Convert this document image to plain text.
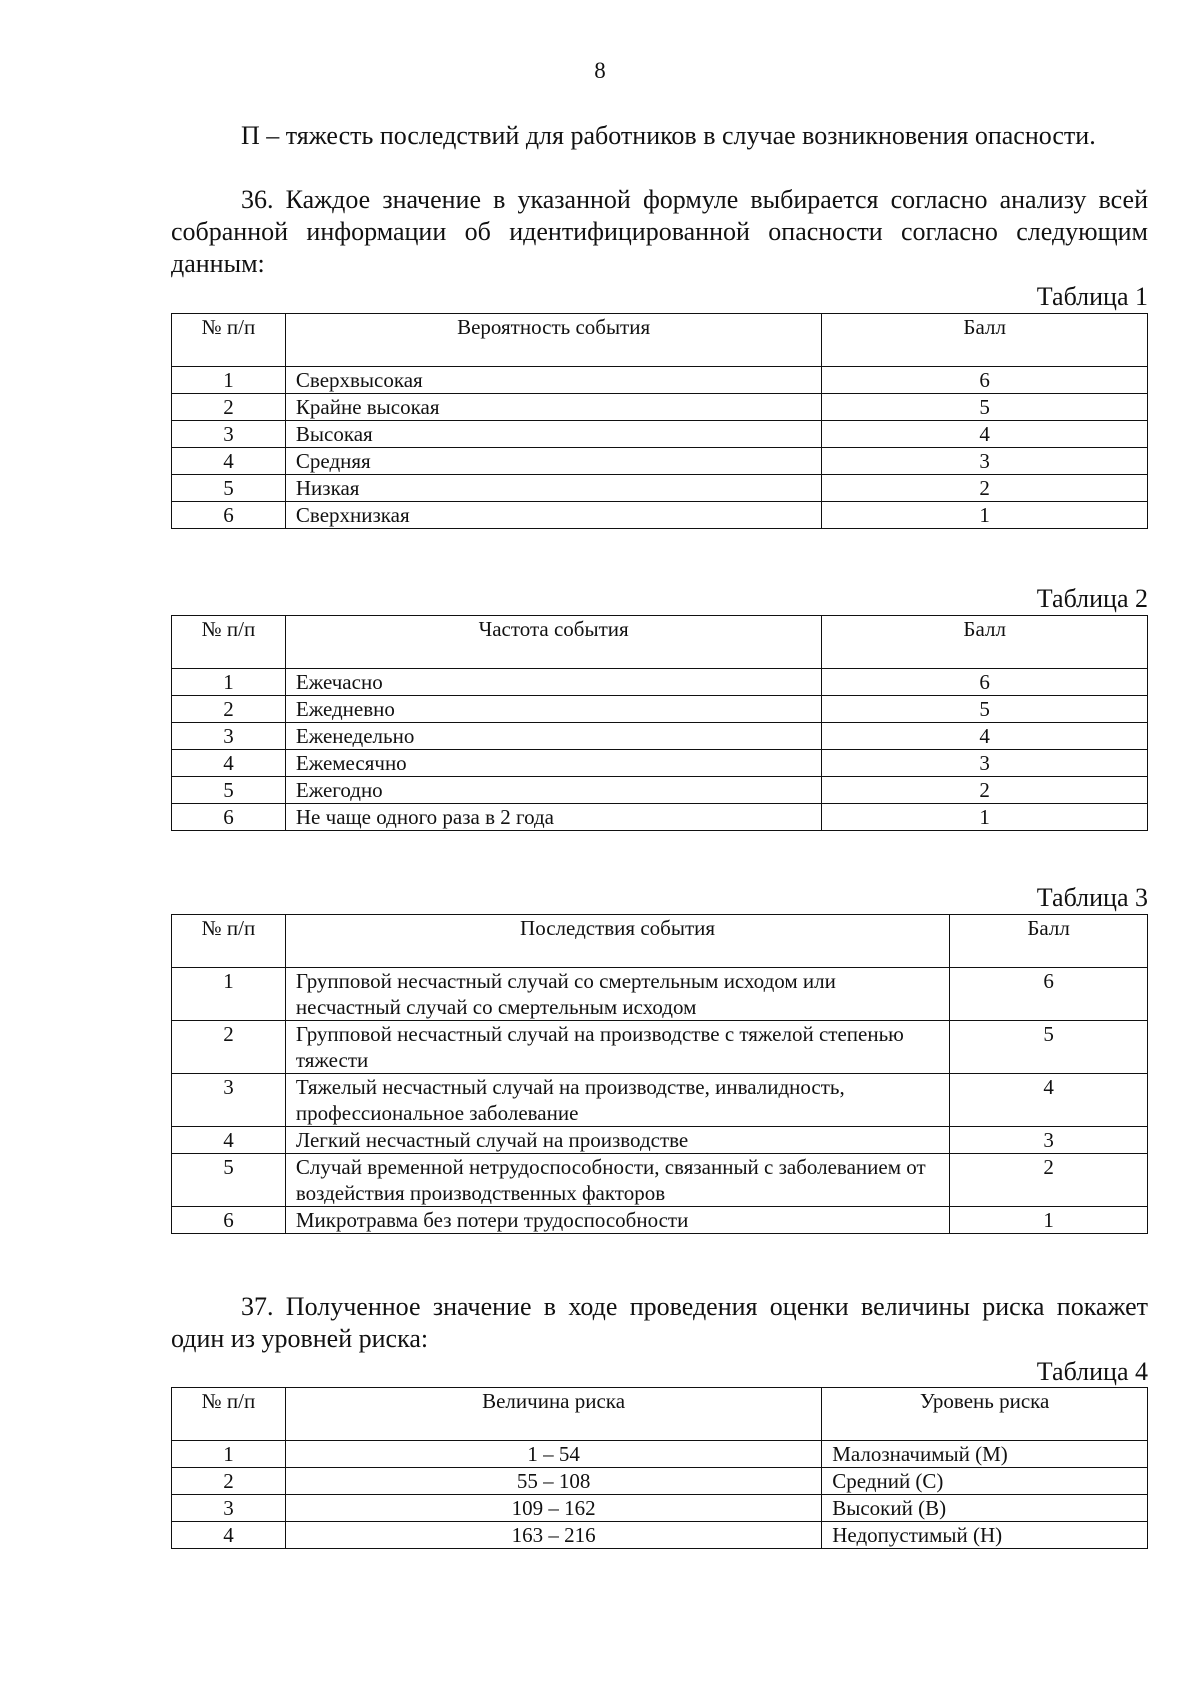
8

П – тяжесть последствий для работников в случае возникновения опасности.

36. Каждое значение в указанной формуле выбирается согласно анализу всей собранной информации об идентифицированной опасности согласно следующим данным:

Таблица 1
№ п/п	Вероятность события	Балл
1	Сверхвысокая	6
2	Крайне высокая	5
3	Высокая	4
4	Средняя	3
5	Низкая	2
6	Сверхнизкая	1
Таблица 2
№ п/п	Частота события	Балл
1	Ежечасно	6
2	Ежедневно	5
3	Еженедельно	4
4	Ежемесячно	3
5	Ежегодно	2
6	Не чаще одного раза в 2 года	1
Таблица 3
№ п/п	Последствия события	Балл
1	Групповой несчастный случай со смертельным исходом или несчастный случай со смертельным исходом	6
2	Групповой несчастный случай на производстве с тяжелой степенью тяжести	5
3	Тяжелый несчастный случай на производстве, инвалидность, профессиональное заболевание	4
4	Легкий несчастный случай на производстве	3
5	Случай временной нетрудоспособности, связанный с заболеванием от воздействия производственных факторов	2
6	Микротравма без потери трудоспособности	1

37. Полученное значение в ходе проведения оценки величины риска покажет один из уровней риска:

Таблица 4
№ п/п	Величина риска	Уровень риска
1	1 – 54	Малозначимый (М)
2	55 – 108	Средний (С)
3	109 – 162	Высокий (В)
4	163 – 216	Недопустимый (Н)
